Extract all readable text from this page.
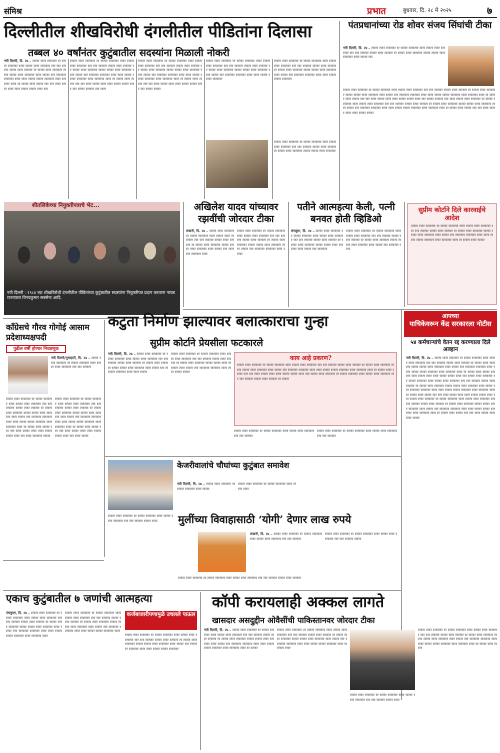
संमिश्र	प्रभात	बुधवार, दि. २८ मे २०२५	७
दिल्लीतील शीखविरोधी दंगलीतील पीडितांना दिलासा
तब्बल ४० वर्षांनंतर कुटुंबातील सदस्यांना मिळाली नोकरी
नवी दिल्ली, दि. २७ – ररररर रररर ररररररर रर ररररर ररररररर रररर ररररर रररर ररररररर ररर ररर रररररर ररररर रररर रररररर रर ररररर रररर ररररररर ररररर ररररर रररर ररररररर रररर ररररर ररर ररररररर ररररररर रररर रररर ररररर ररररर ररररररर रररर ररररररर रररर रर ररररर रररर ररररर ररर ररर रररर ररररर रररर रररर ररररर ररररर रररर ररर
ररररर रररर ररररररर रर ररररर ररररररर रररर ररररर रररर ररररररर ररर ररर रररररर ररररर रररर रररररर रर ररररर रररर ररररररर ररररर ररररर रररर ररररररर रररर ररररर ररर ररररररर ररररररर रररर रररर ररररर ररररर ररररररर रररर ररररररर रररर रर ररररर रररर ररररर ररर ररर रररर ररररर रररर रररर ररररर ररररर रररर ररर ररररर रररररर ररर रररर
ररररर रररर ररररररर रर ररररर ररररररर रररर ररररर रररर ररररररर ररर ररर रररररर ररररर रररर रररररर रर ररररर रररर ररररररर ररररर ररररर रररर ररररररर रररर ररररर ररर ररररररर ररररररर रररर रररर ररररर ररररर ररररररर रररर ररररररर रररर रर ररररर रररर ररररर ररर ररर रररर ररररर रररर रररर ररररर ररररर रररर ररर ररररर ररररर
ररररर रररर ररररररर रर ररररर ररररररर रररर ररररर रररर ररररररर ररर ररर रररररर ररररर रररर रररररर रर ररररर रररर ररररररर ररररर ररररर रररर ररररररर रररर ररररर ररर ररररररर ररररररर रररर रररर ररररर ररररर ररररररर
ररररर रररर ररररररर रर ररररर ररररररर रररर ररररर रररर ररररररर ररर ररर रररररर ररररर रररर रररररर रर ररररर रररर ररररररर ररररर ररररर रररर ररररररर रररर ररररर ररर ररररररर ररररररर रररर रररर ररररर ररररर ररररररर
ररररर रररर ररररररर रर ररररर ररररररर रररर ररररर रररर ररररररर ररर ररर रररररर ररररर रररर रररररर रर ररररर रररर ररररररर ररररर ररररर रररर ररररररर
पंतप्रधानांच्या रोड शोवर संजय सिंघांची टीका
नवी दिल्ली, दि. २७ – ररररर रररर ररररररर रर ररररर ररररररर रररर ररररर रररर ररररररर ररर ररर रररररर ररररर रररर रररररर रर ररररर रररर ररररररर ररररर ररररर रररर ररररररर रररर ररररर ररर
ररररर रररर ररररररर रर ररररर ररररररर रररर ररररर रररर ररररररर ररर ररर रररररर ररररर रररर रररररर रर ररररर रररर ररररररर ररररर ररररर रररर ररररररर रररर ररररर ररर ररररररर ररररररर रररर रररर ररररर ररररर ररररररर रररर ररररररर रररर रर ररररर रररर ररररर ररर ररर रररर ररररर रररर रररर ररररर ररररर रररर ररर ररररर रररररर ररर रररर ररररर रररर ररररररर रर ररररर ररररररर रररर ररररर रररर ररररररर ररर ररर रररररर ररररर रररर रररररर रर ररररर रररर ररररररर ररररर ररररर रररर ररररररर रररर ररररर ररर ररररररर ररररररर रररर रररर ररररर ररररर ररररररर रररर ररररररर रररर रर ररररर रररर ररररर ररर ररर रररर ररररर रररर रररर ररररर ररररर
शीतलिकेच्या नियुक्तीपत्राचे भेट...
नवी दिल्ली : १९८४ च्या शीखविरोधी दंगलीतील पीडितांच्या कुटुंबातील सदस्यांना नियुक्तीपत्र प्रदान करताना नायब राज्यपाल विनयकुमार सक्सेना आदि.
अखिलेश यादव यांच्यावर रझवींची जोरदार टीका
लखनौ, दि. २७ – ररररर रररर ररररररर रर ररररर ररररररर रररर ररररर रररर ररररररर ररर ररर रररररर ररररर रररर रररररर रर ररररर रररर ररररररर ररररर ररररर रररर ररररररर रररर ररररर ररर ररररररर ररररररर रररर
ररररर रररर ररररररर रर ररररर ररररररर रररर ररररर रररर ररररररर ररर ररर रररररर ररररर रररर रररररर रर ररररर रररर ररररररर ररररर ररररर रररर ररररररर रररर ररररर ररर ररररररर ररररररर रररर ररररर
पतीने आत्महत्या केली, पत्नी बनवत होती व्हिडिओ
बंगळुरू, दि. २७ – ररररर रररर ररररररर रर ररररर ररररररर रररर ररररर रररर ररररररर ररर ररर रररररर ररररर रररर रररररर रर ररररर रररर ररररररर ररररर ररररर रररर ररररररर रररर ररररर ररर ररररररर
ररररर रररर ररररररर रर ररररर ररररररर रररर ररररर रररर ररररररर ररर ररर रररररर ररररर रररर रररररर रर ररररर रररर ररररररर ररररर ररररर रररर ररररररर रररर ररररर ररर ररररररर रररर
सुप्रीम कोर्टाने दिले कारवाईचे आदेश
ररररर रररर ररररररर रर ररररर ररररररर रररर ररररर रररर ररररररर ररर ररर रररररर ररररर रररर रररररर रर ररररर रररर ररररररर ररररर ररररर रररर ररररररर रररर ररररर ररर ररररररर ररररररर रररर रररर ररररर ररररर ररररररर रररर ररररररर रररर रर ररररर रररर ररररर
काँग्रेसचे गौरव गोगोई आसाम प्रदेशाध्यक्षपदी
पुढील वर्षी होणार निवडणूक
नवी दिल्ली/गुवाहाटी, दि. २७ – ररररर रररर ररररररर रर ररररर ररररररर रररर ररररर रररर ररररररर ररर ररर रररररर
ररररर रररर ररररररर रर ररररर ररररररर रररर ररररर रररर ररररररर ररर ररर रररररर ररररर रररर रररररर रर ररररर रररर ररररररर ररररर ररररर रररर ररररररर रररर ररररर ररर ररररररर ररररररर रररर रररर ररररर ररररर ररररररर रररर ररररररर रररर रर ररररर रररर ररररर ररर ररर रररर ररररर रररर रररर ररररर ररररर रररर ररर रररर ररररररर ररररर
ररररर रररर ररररररर रर ररररर ररररररर रररर ररररर रररर ररररररर ररर ररर रररररर ररररर रररर रररररर रर ररररर रररर ररररररर ररररर ररररर रररर ररररररर रररर ररररर ररर ररररररर ररररररर रररर रररर ररररर ररररर ररररररर रररर ररररररर रररर रर ररररर रररर ररररर ररर ररर रररर ररररर रररर रररर ररररर ररररर रररर ररर रररर ररररर
कटुता निर्माण झाल्यावर बलात्काराचा गुन्हा
सुप्रीम कोर्टाने प्रेयसीला फटकारले
नवी दिल्ली, दि. २७ – ररररर रररर ररररररर रर ररररर ररररररर रररर ररररर रररर ररररररर ररर ररर रररररर ररररर रररर रररररर रर ररररर रररर ररररररर ररररर ररररर रररर ररररररर रररर ररररर ररर ररररररर ररररररर रररर रररर ररररर
ररररर रररर ररररररर रर ररररर ररररररर रररर ररररर रररर ररररररर ररर ररर रररररर ररररर रररर रररररर रर ररररर रररर ररररररर ररररर ररररर रररर ररररररर रररर ररररर ररर ररररररर ररररररर रररर रररर ररररर ररररर
काय आहे प्रकरण?
ररररर रररर ररररररर रर ररररर ररररररर रररर ररररर रररर ररररररर ररर ररर रररररर ररररर रररर रररररर रर ररररर रररर ररररररर ररररर ररररर रररर ररररररर रररर ररररर ररर ररररररर ररररररर रररर रररर ररररर ररररर ररररररर रररर ररररररर रररर रर ररररर रररर ररररर ररर ररर रररर ररररर रररर रररर ररररर ररररर रररर ररर ररररर रररर ररररररर रर ररररर ररररररर रररर ररररर रररर ररररररर ररर ररर रररररर ररररर रररर रररररर रर ररररर
ररररर रररर ररररररर रर ररररर ररररररर रररर ररररर रररर ररररररर ररर ररर रररररर
ररररर रररर ररररररर रर ररररर ररररररर रररर ररररर रररर ररररररर ररर ररर रररररर
आपच्या
याचिकेवरून केंद्र सरकारला नोटीस
५४ कर्मचाऱ्यांचे वेतन रद्द करण्याला दिले आव्हान
नवी दिल्ली, दि. २७ – ररररर रररर ररररररर रर ररररर ररररररर रररर ररररर रररर ररररररर ररर ररर रररररर ररररर रररर रररररर रर ररररर रररर ररररररर ररररर ररररर रररर ररररररर रररर ररररर ररर ररररररर ररररररर रररर रररर ररररर ररररर ररररररर रररर ररररररर रररर रर ररररर रररर ररररर ररर ररर रररर ररररर रररर रररर ररररर ररररर रररर ररर ररररर रररर ररररररर रर ररररर ररररररर रररर ररररर रररर ररररररर ररर ररर रररररर ररररर रररर रररररर रर ररररर रररर ररररररर ररररर ररररर रररर ररररररर रररर ररररर ररर ररररररर ररररररर रररर रररर ररररर ररररर ररररररर रररर ररररररर रररर रर ररररर रररर ररररर ररर ररर रररर ररररर रररर रररर ररररर ररररर रररर ररर ररररर रररर ररररररर रर ररररर ररररररर रररर ररररर रररर ररररररर ररर ररर रररररर ररररर रररर रररररर रर ररररर रररर ररररररर ररररर ररररर रररर ररररररर रररर ररररर ररर ररररररर ररररररर रररर रररर ररररर ररररर ररररररर रररर ररररररर रररर रर ररररर रररर ररररर ररर ररर रररर ररररर रररर रररर ररररर
केजरीवालांचे चौघांच्या कुटुंबात समावेश
नवी दिल्ली, दि. २७ – ररररर रररर ररररररर रर ररररर ररररररर रररर ररररर
ररररर रररर ररररररर रर ररररर ररररररर रररर ररररर रररर
मुलींच्या विवाहासाठी ‘योगी’ देणार लाख रुपये
ररररर रररर ररररररर रर ररररर ररररररर रररर ररररर रररर ररररररर ररर ररर रररररर ररररर रररर
लखनौ, दि. २७ – ररररर रररर ररररररर रर ररररर ररररररर रररर ररररर रररर ररररररर ररर ररर रररररर
ररररर रररर ररररररर रर ररररर ररररररर रररर ररररर रररर ररररररर ररर ररर रररररर ररररर
ररररर रररर ररररररर रर ररररर ररररररर रररर ररररर रररर ररररररर ररर ररर रररररर ररररर रररर रररररर
एकाच कुटुंबातील ७ जणांची आत्महत्या
पंचकुला, दि. २७ – ररररर रररर ररररररर रर ररररर ररररररर रररर ररररर रररर ररररररर ररर ररर रररररर ररररर रररर रररररर रर ररररर रररर ररररररर ररररर ररररर रररर ररररररर रररर ररररर ररर ररररररर ररररररर रररर रररर ररररर ररररर ररररररर रररर ररररररर रररर
ररररर रररर ररररररर रर ररररर ररररररर रररर ररररर रररर ररररररर ररर ररर रररररर ररररर रररर रररररर रर ररररर रररर ररररररर ररररर ररररर रररर ररररररर रररर ररररर ररर ररररररर ररररररर रररर रररर ररररर ररररर ररररररर रररर
कर्जबाजारीपणामुळे उचलले पाऊल
ररररर रररर ररररररर रर ररररर ररररररर रररर ररररर रररर ररररररर ररर ररर रररररर ररररर रररर रररररर रर ररररर रररर ररररररर ररररर ररररर रररर ररररररर रररर ररररर ररर ररररररर ररररररर रररर रररर ररररर ररररर ररररररर
कॉपी करायलाही अक्कल लागते
खासदार असदुद्दीन ओवैसींची पाकिस्तानवर जोरदार टीका
नवी दिल्ली, दि. २७ – ररररर रररर ररररररर रर ररररर ररररररर रररर ररररर रररर ररररररर ररर ररर रररररर ररररर रररर रररररर रर ररररर रररर ररररररर ररररर ररररर रररर ररररररर रररर ररररर ररर ररररररर ररररररर रररर रररर ररररर ररररर ररररररर रररर ररररररर रररर रर ररररर
ररररर रररर ररररररर रर ररररर ररररररर रररर ररररर रररर ररररररर ररर ररर रररररर ररररर रररर रररररर रर ररररर रररर ररररररर ररररर ररररर रररर ररररररर रररर ररररर ररर ररररररर ररररररर रररर रररर ररररर ररररर ररररररर रररर ररररररर रररर
ररररर रररर ररररररर रर ररररर ररररररर रररर ररररर रररर ररररररर ररर ररर रररररर ररररर रररर
ररररर रररर ररररररर रर ररररर ररररररर रररर ररररर रररर ररररररर ररर ररर रररररर ररररर रररर रररररर रर ररररर रररर ररररररर ररररर ररररर रररर ररररररर रररर ररररर ररर ररररररर ररररररर रररर रररर ररररर ररररर ररररररर रररर ररररररर रररर रर ररररर रररर ररररर
